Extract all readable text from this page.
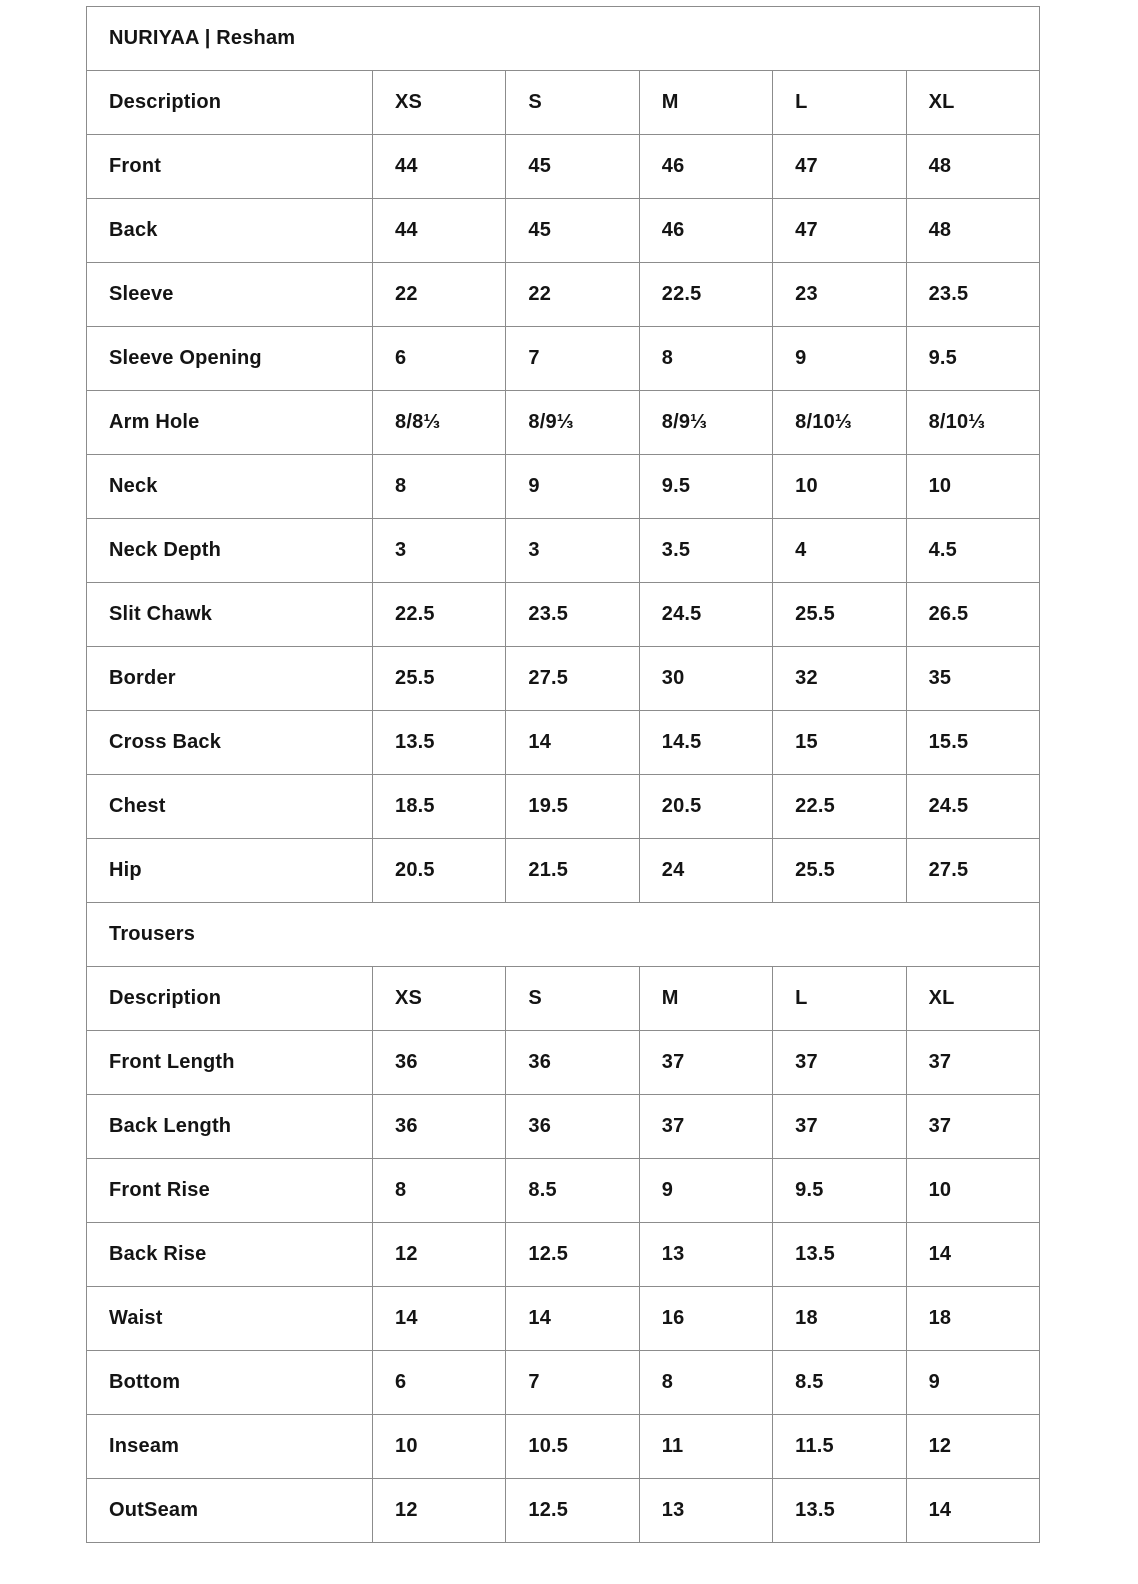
NURIYAA | Resham					
Description	XS	S	M	L	XL
Front	44	45	46	47	48
Back	44	45	46	47	48
Sleeve	22	22	22.5	23	23.5
Sleeve Opening	6	7	8	9	9.5
Arm Hole	8/8⅓	8/9⅓	8/9⅓	8/10⅓	8/10⅓
Neck	8	9	9.5	10	10
Neck Depth	3	3	3.5	4	4.5
Slit Chawk	22.5	23.5	24.5	25.5	26.5
Border	25.5	27.5	30	32	35
Cross Back	13.5	14	14.5	15	15.5
Chest	18.5	19.5	20.5	22.5	24.5
Hip	20.5	21.5	24	25.5	27.5
Trousers					
Description	XS	S	M	L	XL
Front Length	36	36	37	37	37
Back Length	36	36	37	37	37
Front Rise	8	8.5	9	9.5	10
Back Rise	12	12.5	13	13.5	14
Waist	14	14	16	18	18
Bottom	6	7	8	8.5	9
Inseam	10	10.5	11	11.5	12
OutSeam	12	12.5	13	13.5	14
